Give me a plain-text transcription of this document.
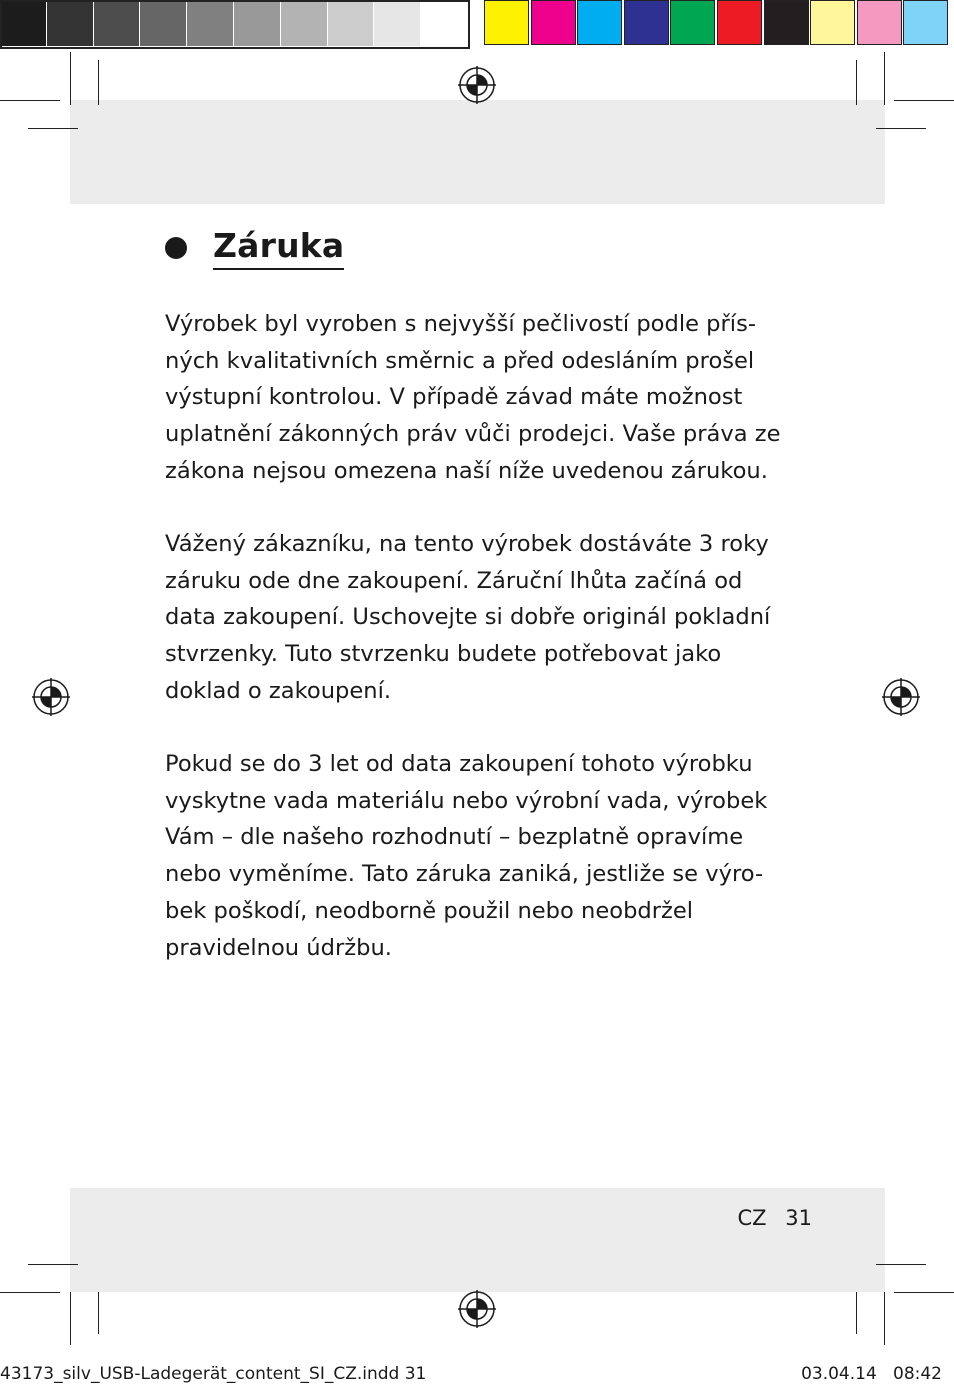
Záruka
Výrobek byl vyroben s nejvyšší pečlivostí podle přís-
ných kvalitativních směrnic a před odesláním prošel
výstupní kontrolou. V případě závad máte možnost
uplatnění zákonných práv vůči prodejci. Vaše práva ze
zákona nejsou omezena naší níže uvedenou zárukou.
Vážený zákazníku, na tento výrobek dostáváte 3 roky
záruku ode dne zakoupení. Záruční lhůta začíná od
data zakoupení. Uschovejte si dobře originál pokladní
stvrzenky. Tuto stvrzenku budete potřebovat jako
doklad o zakoupení.
Pokud se do 3 let od data zakoupení tohoto výrobku
vyskytne vada materiálu nebo výrobní vada, výrobek
Vám – dle našeho rozhodnutí – bezplatně opravíme
nebo vyměníme. Tato záruka zaniká, jestliže se výro-
bek poškodí, neodborně použil nebo neobdržel
pravidelnou údržbu.
CZ 31
43173_silv_USB-Ladegerät_content_SI_CZ.indd 31	03.04.14 08:42
